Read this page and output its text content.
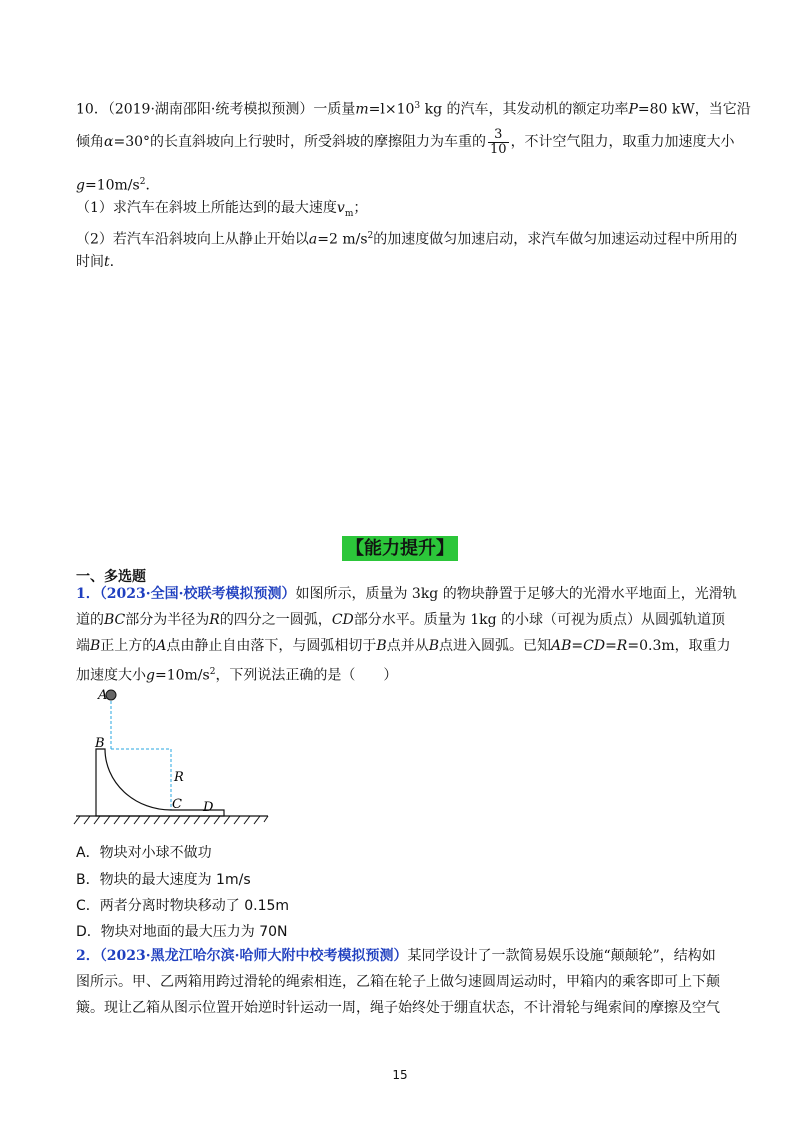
10．（2019·湖南邵阳·统考模拟预测）一质量$m=l\times 10^3$ kg 的汽车，其发动机的额定功率P=80 kW，当它沿
倾角α=30°的长直斜坡向上行驶时，所受斜坡的摩擦阻力为车重的 $\frac{3}{10}$ ，不计空气阻力，取重力加速度大小
$g=10m/s^2$．
（1）求汽车在斜坡上所能达到的最大速度$v_m$；
（2）若汽车沿斜坡向上从静止开始以a=2 $m/s^2$的加速度做匀加速启动，求汽车做匀加速运动过程中所用的
时间t.
【能力提升】
一、多选题
1．（2023·全国·校联考模拟预测）如图所示，质量为 3kg 的物块静置于足够大的光滑水平地面上，光滑轨
道的BC部分为半径为R的四分之一圆弧，CD部分水平。质量为 1kg 的小球（可视为质点）从圆弧轨道顶
端B正上方的A点由静止自由落下，与圆弧相切于B点并从B点进入圆弧。已知AB=CD=R=0.3m，取重力
加速度大小$g=10m/s^2$，下列说法正确的是（　　）
A
B
R
C D
A．物块对小球不做功
B．物块的最大速度为 1m/s
C．两者分离时物块移动了 0.15m
D．物块对地面的最大压力为 70N
2．（2023·黑龙江哈尔滨·哈师大附中校考模拟预测）某同学设计了一款简易娱乐设施“颠颠轮”，结构如
图所示。甲、乙两箱用跨过滑轮的绳索相连，乙箱在轮子上做匀速圆周运动时，甲箱内的乘客即可上下颠
簸。现让乙箱从图示位置开始逆时针运动一周，绳子始终处于绷直状态，不计滑轮与绳索间的摩擦及空气
15
